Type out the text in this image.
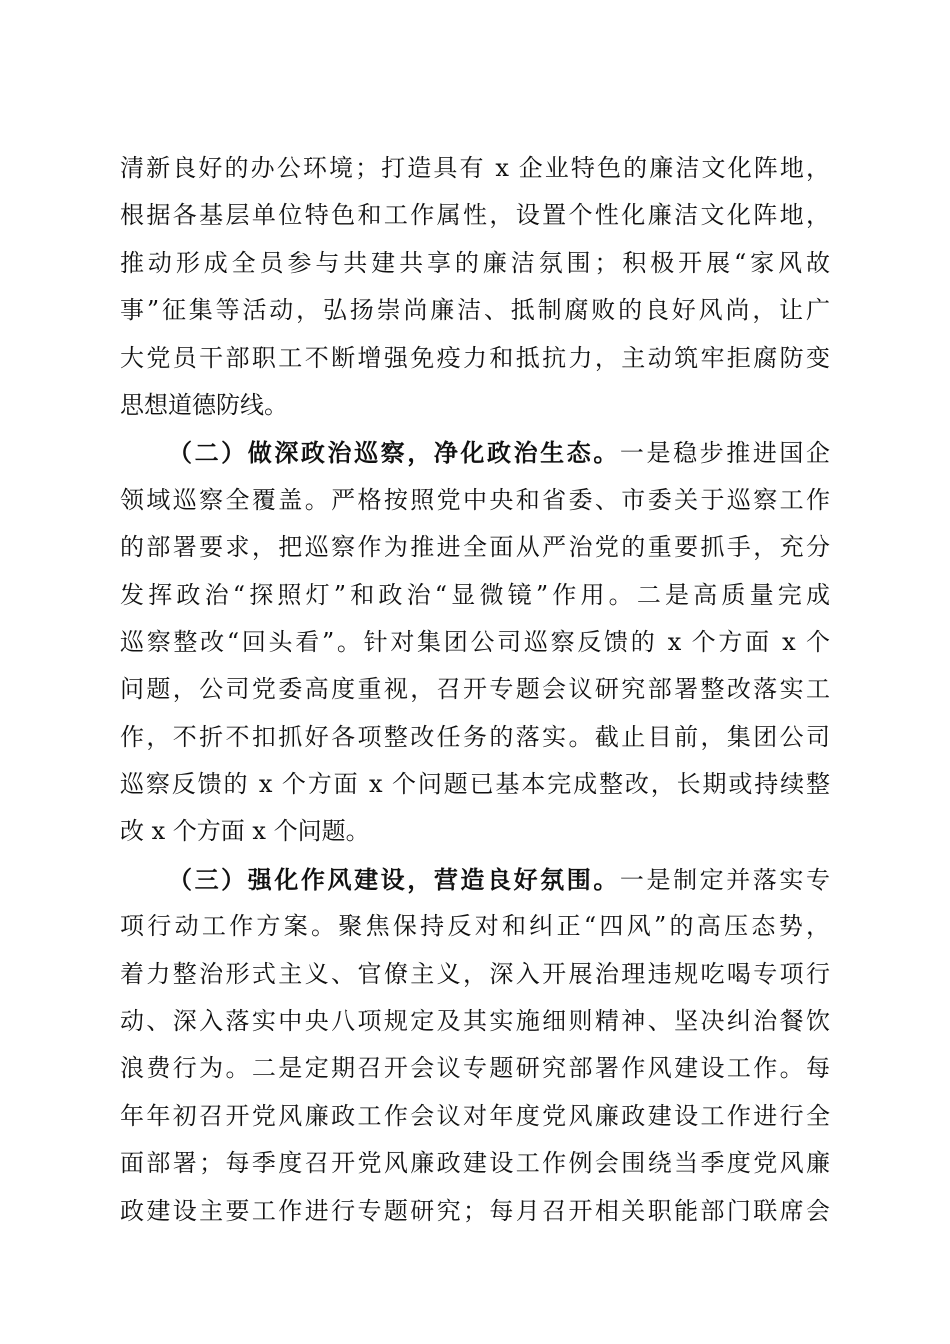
清新良好的办公环境；打造具有 x 企业特色的廉洁文化阵地，
根据各基层单位特色和工作属性，设置个性化廉洁文化阵地，
推动形成全员参与共建共享的廉洁氛围；积极开展“家风故
事”征集等活动，弘扬崇尚廉洁、抵制腐败的良好风尚，让广
大党员干部职工不断增强免疫力和抵抗力，主动筑牢拒腐防变
思想道德防线。
（二）做深政治巡察，净化政治生态。一是稳步推进国企
领域巡察全覆盖。严格按照党中央和省委、市委关于巡察工作
的部署要求，把巡察作为推进全面从严治党的重要抓手，充分
发挥政治“探照灯”和政治“显微镜”作用。二是高质量完成
巡察整改“回头看”。针对集团公司巡察反馈的 x 个方面 x 个
问题，公司党委高度重视，召开专题会议研究部署整改落实工
作，不折不扣抓好各项整改任务的落实。截止目前，集团公司
巡察反馈的 x 个方面 x 个问题已基本完成整改，长期或持续整
改 x 个方面 x 个问题。
（三）强化作风建设，营造良好氛围。一是制定并落实专
项行动工作方案。聚焦保持反对和纠正“四风”的高压态势，
着力整治形式主义、官僚主义，深入开展治理违规吃喝专项行
动、深入落实中央八项规定及其实施细则精神、坚决纠治餐饮
浪费行为。二是定期召开会议专题研究部署作风建设工作。每
年年初召开党风廉政工作会议对年度党风廉政建设工作进行全
面部署；每季度召开党风廉政建设工作例会围绕当季度党风廉
政建设主要工作进行专题研究；每月召开相关职能部门联席会
